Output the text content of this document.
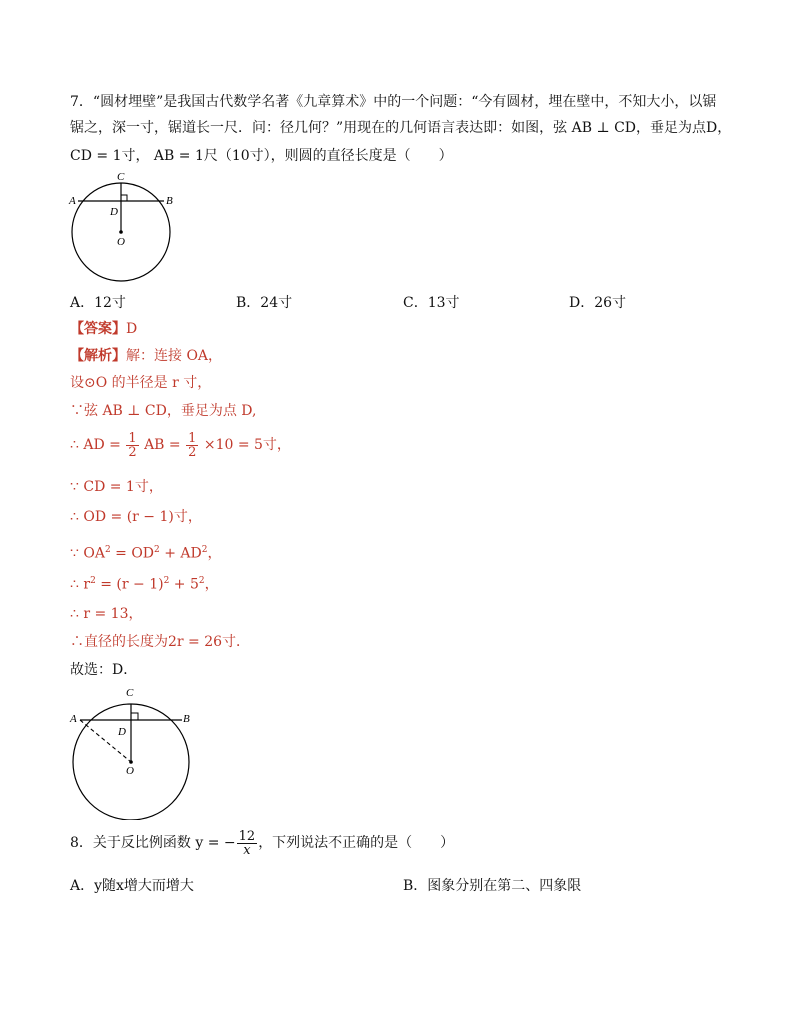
7．“圆材埋壁”是我国古代数学名著《九章算术》中的一个问题：“今有圆材，埋在壁中，不知大小，以锯
锯之，深一寸，锯道长一尺．问：径几何？”用现在的几何语言表达即：如图，弦 AB ⊥ CD，垂足为点D，
CD = 1寸， AB = 1尺（10寸），则圆的直径长度是（　　）
C
A	B
D
O
A．12寸	B．24寸	C．13寸	D．26寸
【答案】D
【解析】解：连接 OA，
设⊙O 的半径是 r 寸，
∵弦 AB ⊥ CD，垂足为点 D,
∴ AD = $\frac{1}{2}$ AB = $\frac{1}{2} \times 10 = 5$寸，
∵ CD = 1寸，
∴ OD = (r − 1)寸，
∵ $OA^2 = OD^2 + AD^2$，
∴ $r^2 = (r - 1)^2 + 5^2$，
∴ r = 13，
∴直径的长度为2r = 26寸．
故选：D．
C
A	B
D
O
8．关于反比例函数 y = − $\frac{12}{x}$ ，下列说法不正确的是（　　）
A．y随x增大而增大	B．图象分别在第二、四象限
